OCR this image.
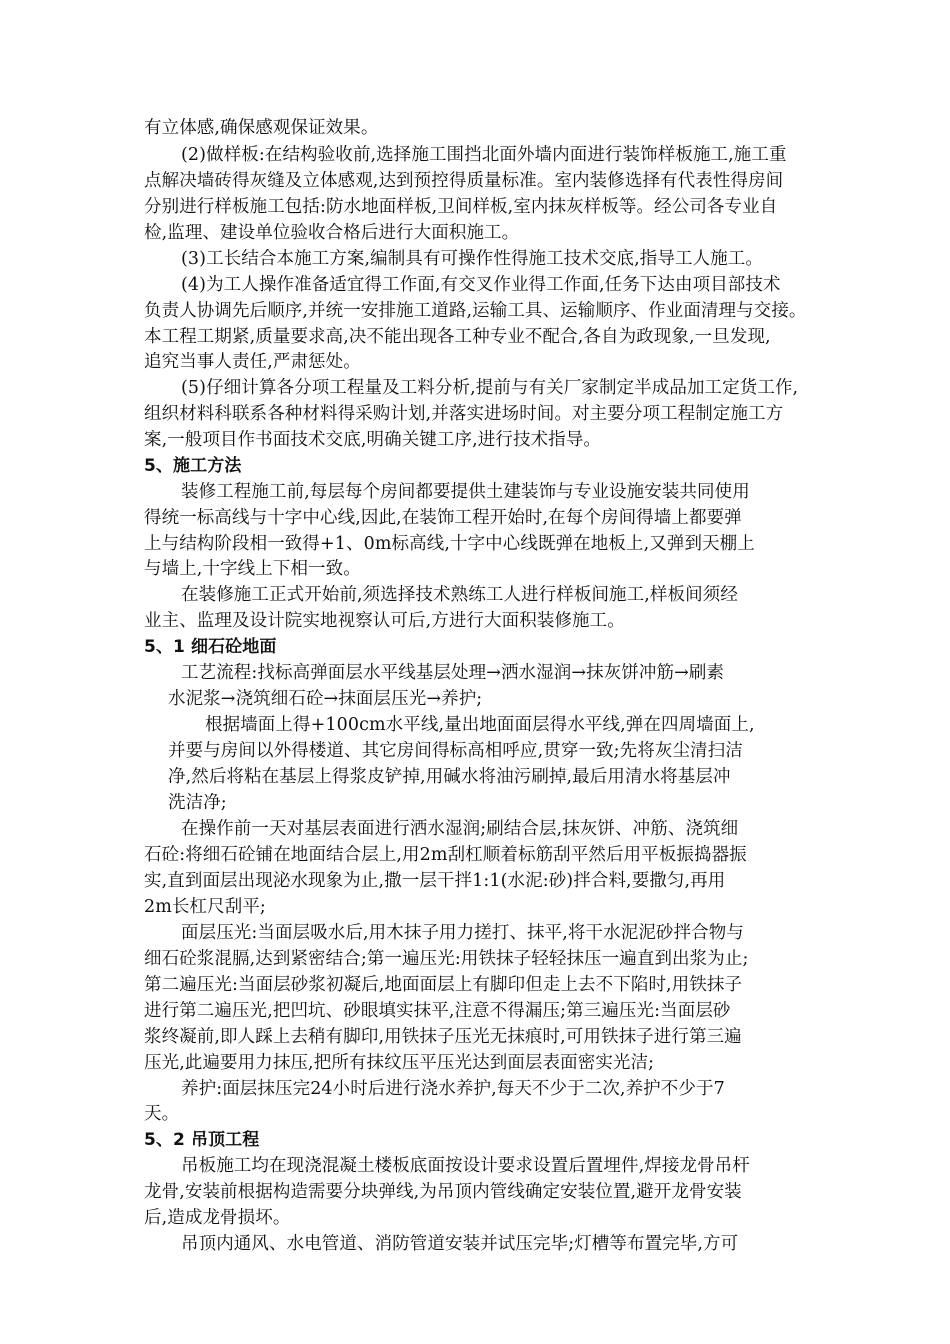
有立体感,确保感观保证效果。
(2)做样板:在结构验收前,选择施工围挡北面外墙内面进行装饰样板施工,施工重
点解决墙砖得灰缝及立体感观,达到预控得质量标准。室内装修选择有代表性得房间
分别进行样板施工包括:防水地面样板,卫间样板,室内抹灰样板等。经公司各专业自
检,监理、建设单位验收合格后进行大面积施工。
(3)工长结合本施工方案,编制具有可操作性得施工技术交底,指导工人施工。
(4)为工人操作准备适宜得工作面,有交叉作业得工作面,任务下达由项目部技术
负责人协调先后顺序,并统一安排施工道路,运输工具、运输顺序、作业面清理与交接。
本工程工期紧,质量要求高,决不能出现各工种专业不配合,各自为政现象,一旦发现,
追究当事人责任,严肃惩处。
(5)仔细计算各分项工程量及工料分析,提前与有关厂家制定半成品加工定货工作,
组织材料科联系各种材料得采购计划,并落实进场时间。对主要分项工程制定施工方
案,一般项目作书面技术交底,明确关键工序,进行技术指导。
5、施工方法
装修工程施工前,每层每个房间都要提供土建装饰与专业设施安装共同使用
得统一标高线与十字中心线,因此,在装饰工程开始时,在每个房间得墙上都要弹
上与结构阶段相一致得+1、0m标高线,十字中心线既弹在地板上,又弹到天棚上
与墙上,十字线上下相一致。
在装修施工正式开始前,须选择技术熟练工人进行样板间施工,样板间须经
业主、监理及设计院实地视察认可后,方进行大面积装修施工。
5、1 细石砼地面
工艺流程:找标高弹面层水平线基层处理→洒水湿润→抹灰饼冲筋→刷素
水泥浆→浇筑细石砼→抹面层压光→养护;
根据墙面上得+100cm水平线,量出地面面层得水平线,弹在四周墙面上,
并要与房间以外得楼道、其它房间得标高相呼应,贯穿一致;先将灰尘清扫洁
净,然后将粘在基层上得浆皮铲掉,用碱水将油污刷掉,最后用清水将基层冲
洗洁净;
在操作前一天对基层表面进行洒水湿润;刷结合层,抹灰饼、冲筋、浇筑细
石砼:将细石砼铺在地面结合层上,用2m刮杠顺着标筋刮平然后用平板振捣器振
实,直到面层出现泌水现象为止,撒一层干拌1:1(水泥:砂)拌合料,要撒匀,再用
2m长杠尺刮平;
面层压光:当面层吸水后,用木抹子用力搓打、抹平,将干水泥泥砂拌合物与
细石砼浆混膈,达到紧密结合;第一遍压光:用铁抹子轻轻抹压一遍直到出浆为止;
第二遍压光:当面层砂浆初凝后,地面面层上有脚印但走上去不下陷时,用铁抹子
进行第二遍压光,把凹坑、砂眼填实抹平,注意不得漏压;第三遍压光:当面层砂
浆终凝前,即人踩上去稍有脚印,用铁抹子压光无抹痕时,可用铁抹子进行第三遍
压光,此遍要用力抹压,把所有抹纹压平压光达到面层表面密实光洁;
养护:面层抹压完24小时后进行浇水养护,每天不少于二次,养护不少于7
天。
5、2 吊顶工程
吊板施工均在现浇混凝土楼板底面按设计要求设置后置埋件,焊接龙骨吊杆
龙骨,安装前根据构造需要分块弹线,为吊顶内管线确定安装位置,避开龙骨安装
后,造成龙骨损坏。
吊顶内通风、水电管道、消防管道安装并试压完毕;灯槽等布置完毕,方可
